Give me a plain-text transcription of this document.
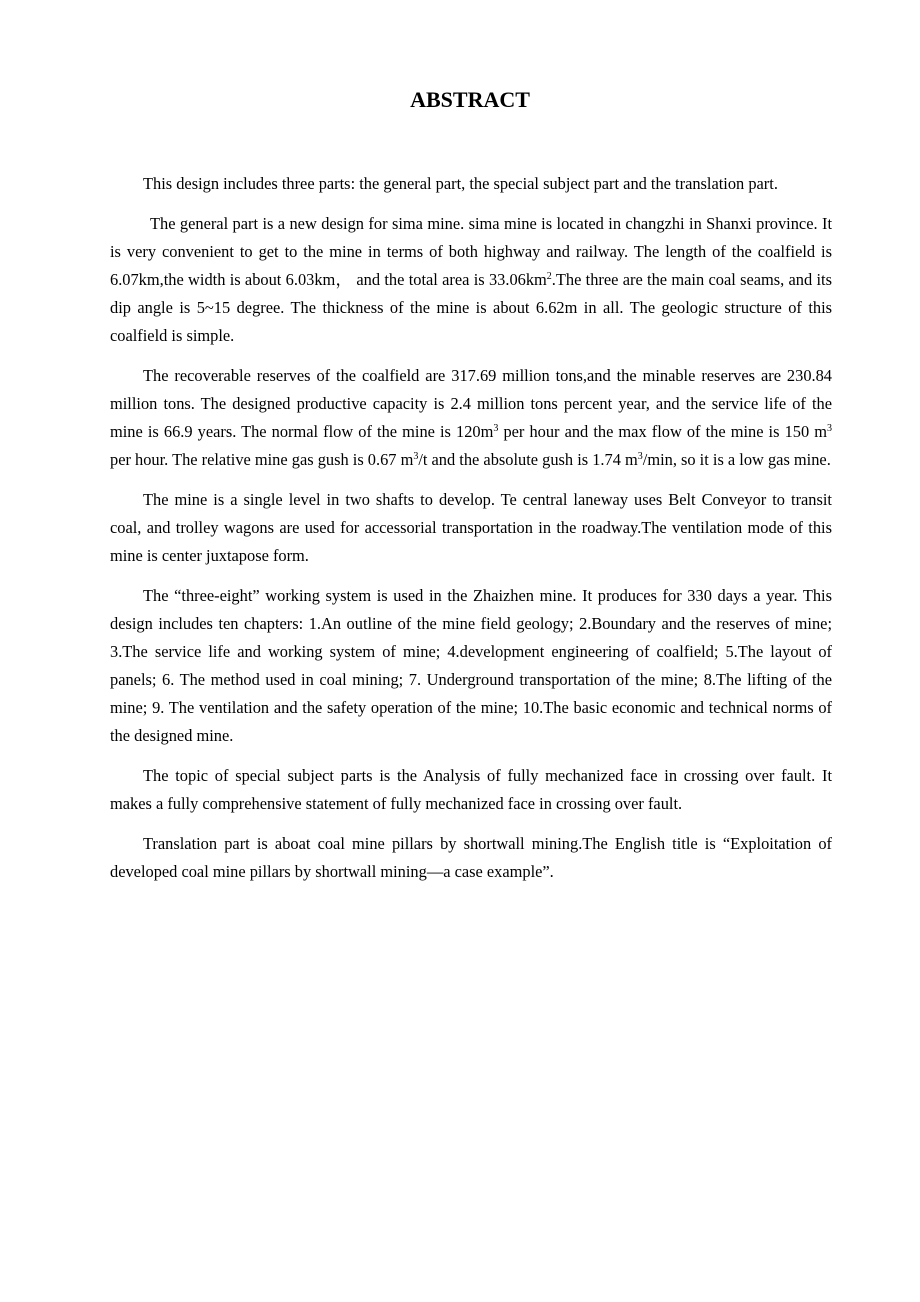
ABSTRACT

This design includes three parts: the general part, the special subject part and the translation part.

The general part is a new design for sima mine. sima mine is located in changzhi in Shanxi province. It is very convenient to get to the mine in terms of both highway and railway. The length of the coalfield is 6.07km,the width is about 6.03km， and the total area is $33.06km^2.The$ three are the main coal seams, and its dip angle is 5~15 degree. The thickness of the mine is about 6.62m in all. The geologic structure of this coalfield is simple.

The recoverable reserves of the coalfield are 317.69 million tons,and the minable reserves are 230.84 million tons. The designed productive capacity is 2.4 million tons percent year, and the service life of the mine is 66.9 years. The normal flow of the mine is $120m^3$ per hour and the max flow of the mine is 150 $m^3$ per hour. The relative mine gas gush is 0.67 $m^3/t$ and the absolute gush is 1.74 $m^3/\min$, so it is a low gas mine.

The mine is a single level in two shafts to develop. Te central laneway uses Belt Conveyor to transit coal, and trolley wagons are used for accessorial transportation in the roadway.The ventilation mode of this mine is center juxtapose form.

The “three-eight” working system is used in the Zhaizhen mine. It produces for 330 days a year. This design includes ten chapters: 1.An outline of the mine field geology; 2.Boundary and the reserves of mine; 3.The service life and working system of mine; 4.development engineering of coalfield; 5.The layout of panels; 6. The method used in coal mining; 7. Underground transportation of the mine; 8.The lifting of the mine; 9. The ventilation and the safety operation of the mine; 10.The basic economic and technical norms of the designed mine.

The topic of special subject parts is the Analysis of fully mechanized face in crossing over fault. It makes a fully comprehensive statement of fully mechanized face in crossing over fault.

Translation part is aboat coal mine pillars by shortwall mining.The English title is “Exploitation of developed coal mine pillars by shortwall mining—a case example”.
